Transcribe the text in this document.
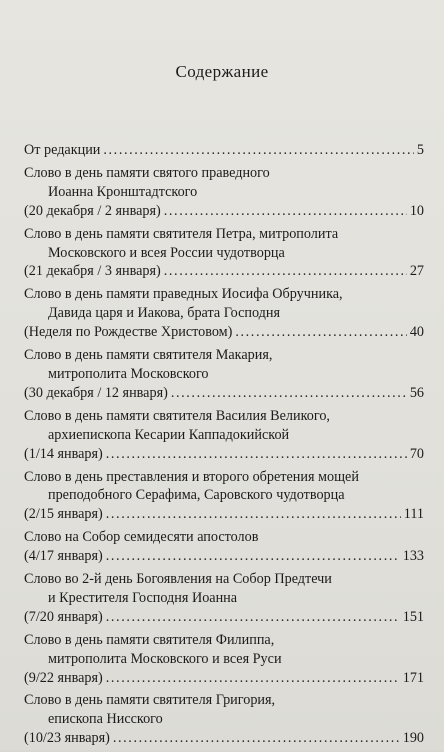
Содержание
От редакции .....	5
Слово в день памяти святого праведного
Иоанна Кронштадтского
(20 декабря / 2 января) .....	10
Слово в день памяти святителя Петра, митрополита
Московского и всея России чудотворца
(21 декабря / 3 января) .....	27
Слово в день памяти праведных Иосифа Обручника,
Давида царя и Иакова, брата Господня
(Неделя по Рождестве Христовом) .....	40
Слово в день памяти святителя Макария,
митрополита Московского
(30 декабря / 12 января) .....	56
Слово в день памяти святителя Василия Великого,
архиепископа Кесарии Каппадокийской
(1/14 января) .....	70
Слово в день преставления и второго обретения мощей
преподобного Серафима, Саровского чудотворца
(2/15 января) .....	111
Слово на Собор семидесяти апостолов
(4/17 января) .....	133
Слово во 2-й день Богоявления на Собор Предтечи
и Крестителя Господня Иоанна
(7/20 января) .....	151
Слово в день памяти святителя Филиппа,
митрополита Московского и всея Руси
(9/22 января) .....	171
Слово в день памяти святителя Григория,
епископа Нисского
(10/23 января) .....	190
